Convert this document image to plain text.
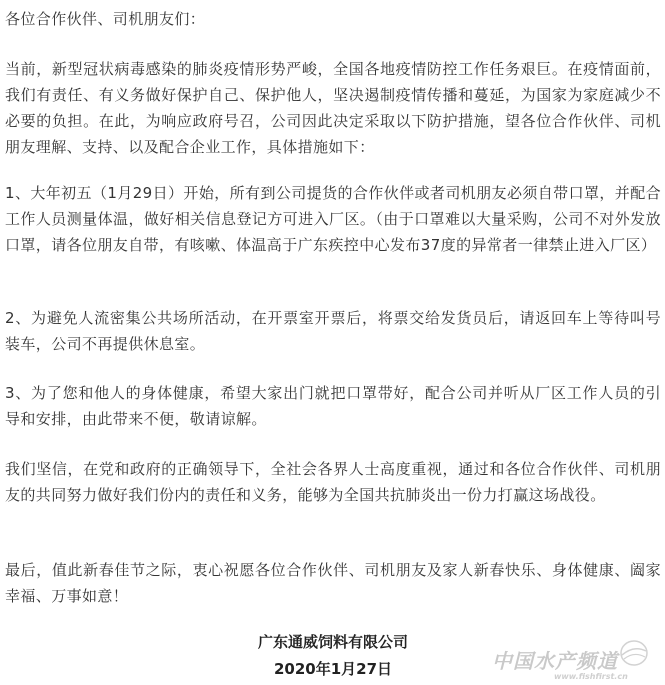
各位合作伙伴、司机朋友们：

当前，新型冠状病毒感染的肺炎疫情形势严峻，全国各地疫情防控工作任务艰巨。在疫情面前，我们有责任、有义务做好保护自己、保护他人，坚决遏制疫情传播和蔓延，为国家为家庭减少不必要的负担。在此，为响应政府号召，公司因此决定采取以下防护措施，望各位合作伙伴、司机朋友理解、支持、以及配合企业工作，具体措施如下：

1、大年初五（1月29日）开始，所有到公司提货的合作伙伴或者司机朋友必须自带口罩，并配合工作人员测量体温，做好相关信息登记方可进入厂区。（由于口罩难以大量采购，公司不对外发放口罩，请各位朋友自带，有咳嗽、体温高于广东疾控中心发布37度的异常者一律禁止进入厂区）

2、为避免人流密集公共场所活动，在开票室开票后，将票交给发货员后，请返回车上等待叫号装车，公司不再提供休息室。

3、为了您和他人的身体健康，希望大家出门就把口罩带好，配合公司并听从厂区工作人员的引导和安排，由此带来不便，敬请谅解。

我们坚信，在党和政府的正确领导下，全社会各界人士高度重视，通过和各位合作伙伴、司机朋友的共同努力做好我们份内的责任和义务，能够为全国共抗肺炎出一份力打赢这场战役。

最后，值此新春佳节之际，衷心祝愿各位合作伙伴、司机朋友及家人新春快乐、身体健康、阖家幸福、万事如意！

广东通威饲料有限公司
2020年1月27日	中国水产频道
www.fishfirst.cn
